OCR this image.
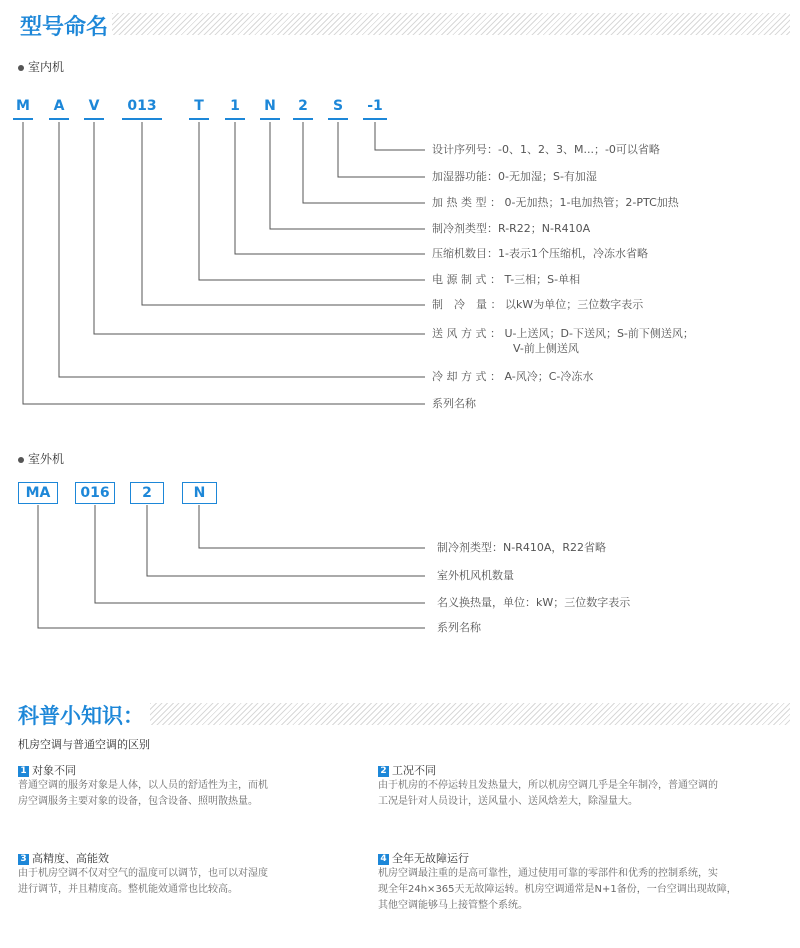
型号命名
室内机
M	A	V	013	T	1	N	2	S	-1
设计序列号：-0、1、2、3、M...；-0可以省略
加湿器功能：0-无加湿；S-有加湿
加 热 类 型 ： 0-无加热；1-电加热管；2-PTC加热
制冷剂类型：R-R22；N-R410A
压缩机数目：1-表示1个压缩机，冷冻水省略
电 源 制 式 ： T-三相；S-单相
制　冷　量 ： 以kW为单位；三位数字表示
送 风 方 式 ： U-上送风；D-下送风；S-前下侧送风；
V-前上侧送风
冷 却 方 式 ： A-风冷；C-冷冻水
系列名称
室外机
MA	016	2	N
制冷剂类型：N-R410A，R22省略
室外机风机数量
名义换热量，单位：kW；三位数字表示
系列名称
科普小知识：
机房空调与普通空调的区别
1 对象不同
普通空调的服务对象是人体，以人员的舒适性为主，而机
房空调服务主要对象的设备，包含设备、照明散热量。
2 工况不同
由于机房的不停运转且发热量大，所以机房空调几乎是全年制冷，普通空调的
工况是针对人员设计，送风量小、送风焓差大，除湿量大。
3 高精度、高能效
由于机房空调不仅对空气的温度可以调节，也可以对湿度
进行调节，并且精度高。整机能效通常也比较高。
4 全年无故障运行
机房空调最注重的是高可靠性，通过使用可靠的零部件和优秀的控制系统，实
现全年24h×365天无故障运转。机房空调通常是N+1备份，一台空调出现故障，
其他空调能够马上接管整个系统。
